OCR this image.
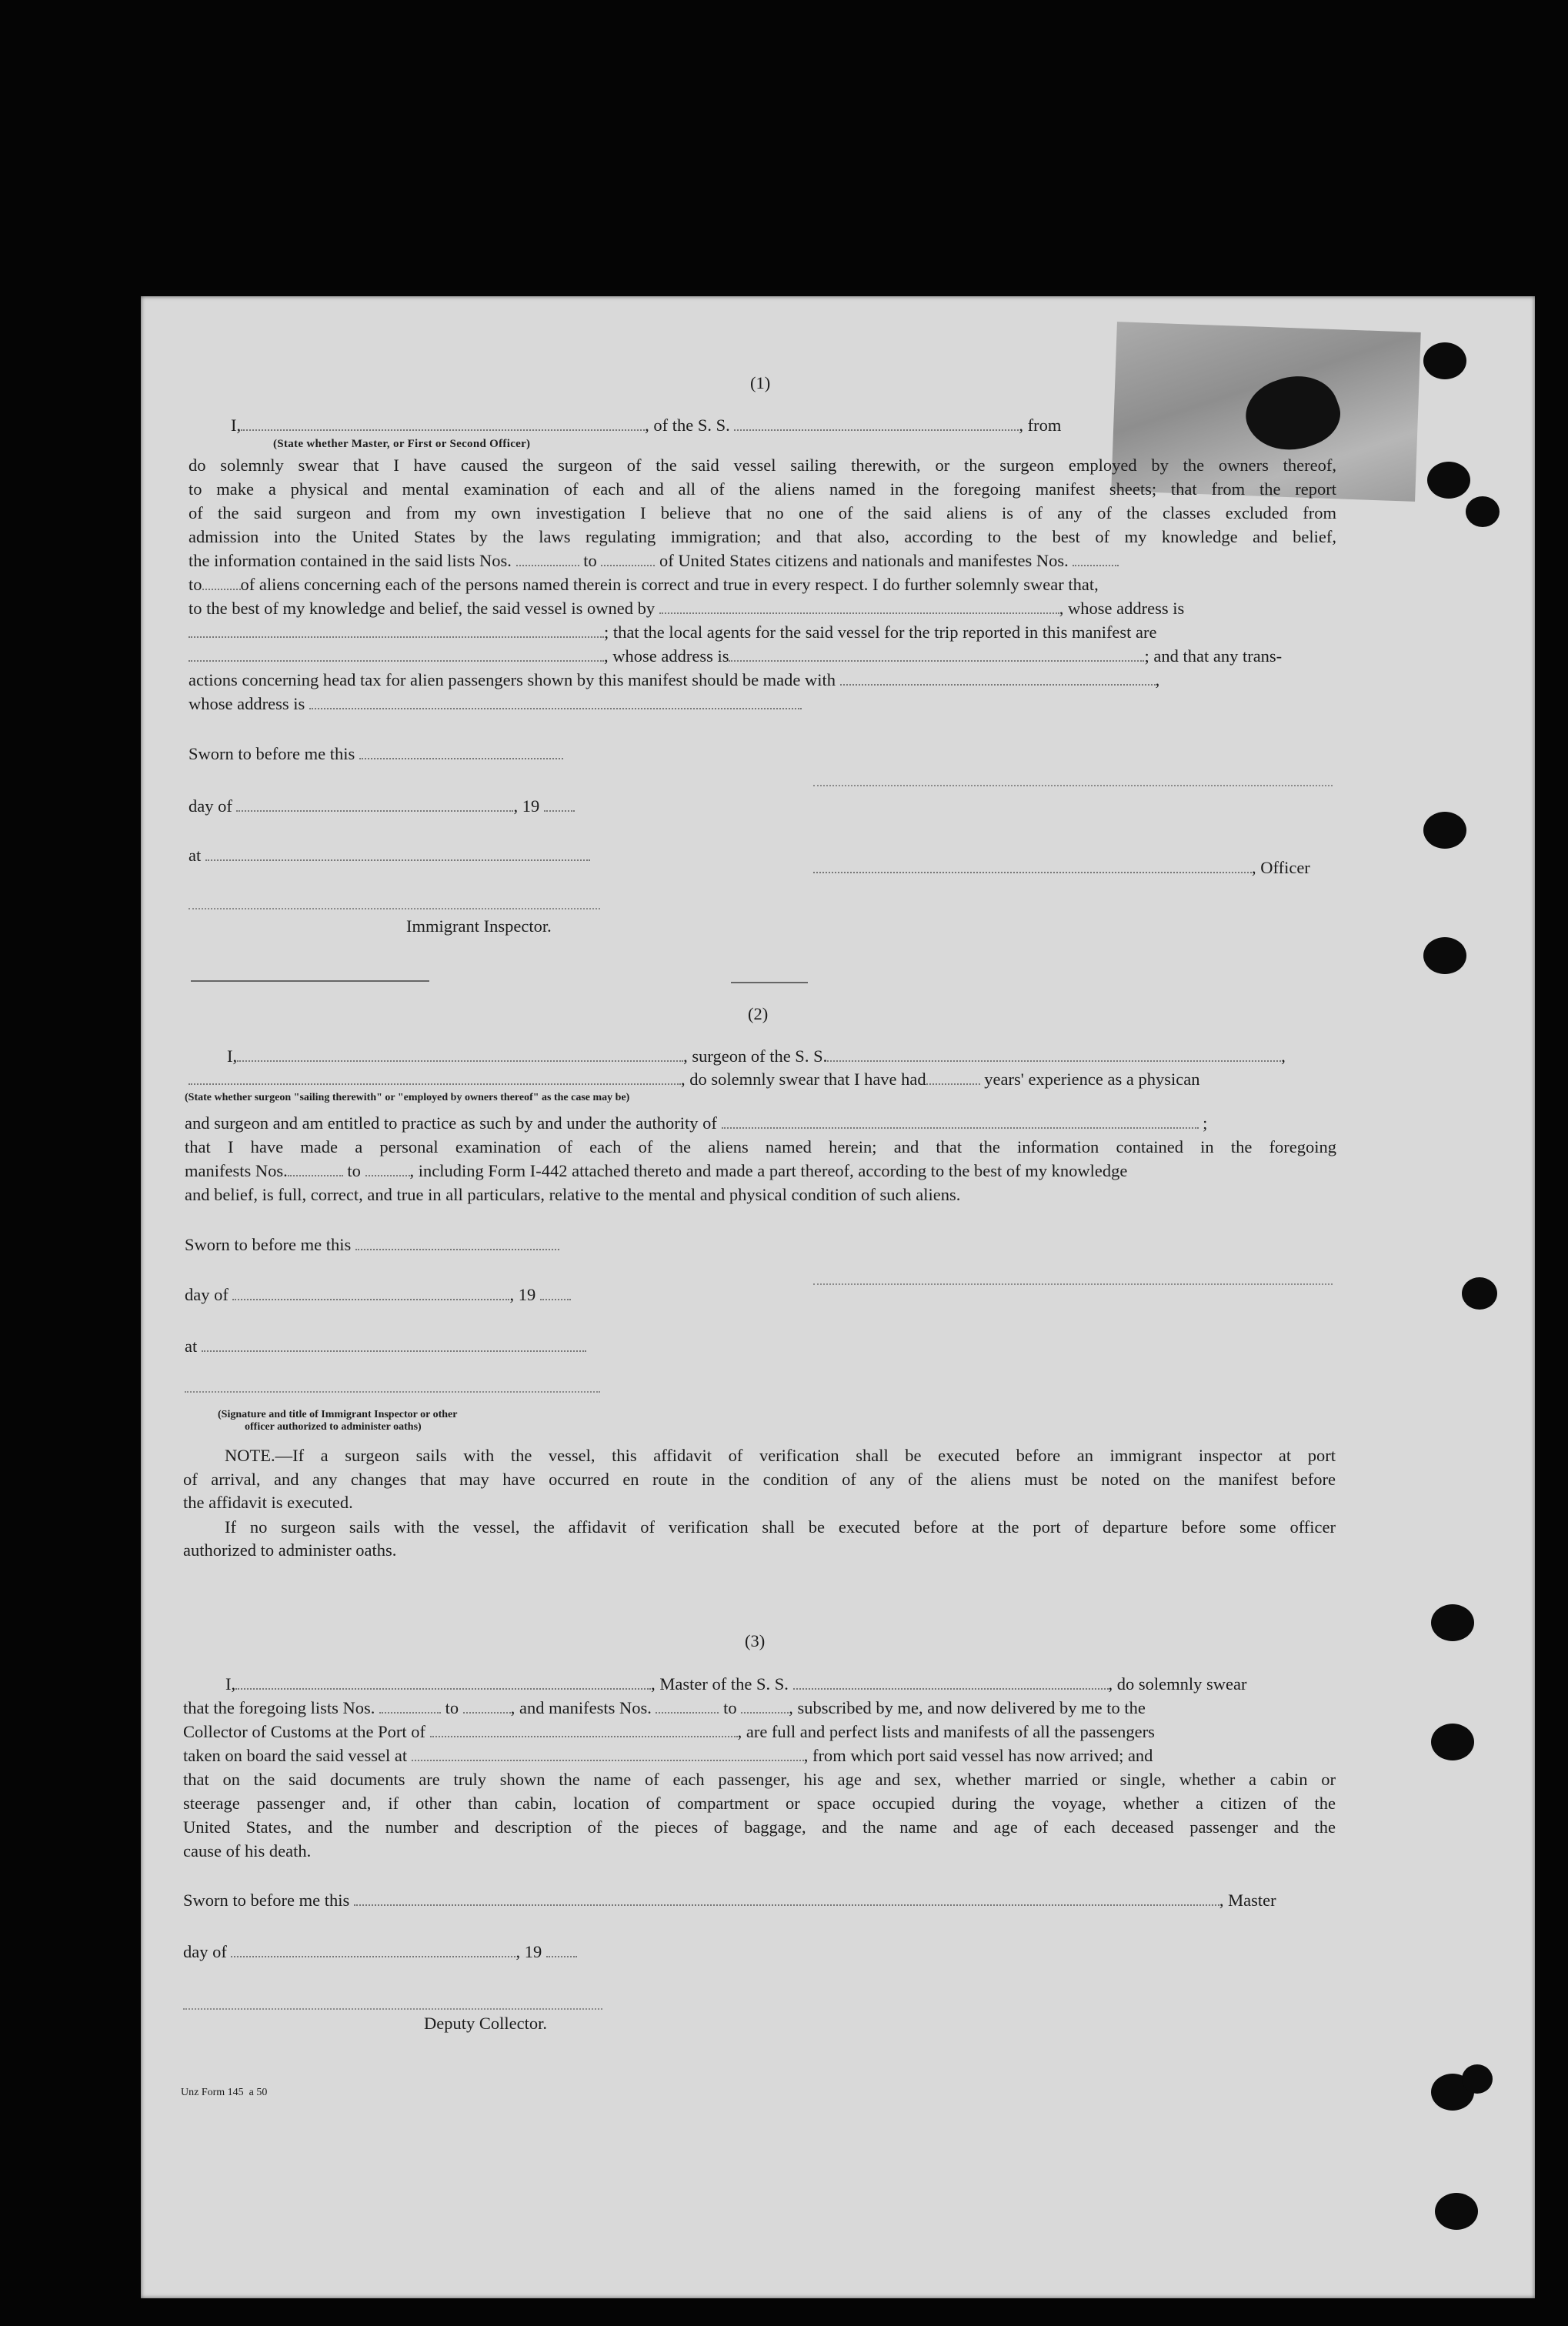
(1)
I,	, of the S. S.	, from
(State whether Master, or First or Second Officer)
do solemnly swear that I have caused the surgeon of the said vessel sailing therewith, or the surgeon employed by the owners thereof,
to make a physical and mental examination of each and all of the aliens named in the foregoing manifest sheets; that from the report
of the said surgeon and from my own investigation I believe that no one of the said aliens is of any of the classes excluded from
admission into the United States by the laws regulating immigration; and that also, according to the best of my knowledge and belief,
the information contained in the said lists Nos.	to	of United States citizens and nationals and manifestes Nos.
to of aliens concerning each of the persons named therein is correct and true in every respect. I do further solemnly swear that,
to the best of my knowledge and belief, the said vessel is owned by	, whose address is
; that the local agents for the said vessel for the trip reported in this manifest are
, whose address is	; and that any trans-
actions concerning head tax for alien passengers shown by this manifest should be made with	,
whose address is
Sworn to before me this
day of	, 19
at
, Officer
Immigrant Inspector.
(2)
I,	, surgeon of the S. S.	,
, do solemnly swear that I have had	years' experience as a physican
(State whether surgeon "sailing therewith" or "employed by owners thereof" as the case may be)
and surgeon and am entitled to practice as such by and under the authority of	;
that I have made a personal examination of each of the aliens named herein; and that the information contained in the foregoing
manifests Nos.	to	, including Form I-442 attached thereto and made a part thereof, according to the best of my knowledge
and belief, is full, correct, and true in all particulars, relative to the mental and physical condition of such aliens.
Sworn to before me this
day of	, 19
at
(Signature and title of Immigrant Inspector or other
officer authorized to administer oaths)
NOTE.—If a surgeon sails with the vessel, this affidavit of verification shall be executed before an immigrant inspector at port
of arrival, and any changes that may have occurred en route in the condition of any of the aliens must be noted on the manifest before
the affidavit is executed.
If no surgeon sails with the vessel, the affidavit of verification shall be executed before at the port of departure before some officer
authorized to administer oaths.
(3)
I,	, Master of the S. S.	, do solemnly swear
that the foregoing lists Nos.	to	, and manifests Nos.	to	, subscribed by me, and now delivered by me to the
Collector of Customs at the Port of	, are full and perfect lists and manifests of all the passengers
taken on board the said vessel at	, from which port said vessel has now arrived; and
that on the said documents are truly shown the name of each passenger, his age and sex, whether married or single, whether a cabin or
steerage passenger and, if other than cabin, location of compartment or space occupied during the voyage, whether a citizen of the
United States, and the number and description of the pieces of baggage, and the name and age of each deceased passenger and the
cause of his death.
Sworn to before me this	, Master
day of	, 19
Deputy Collector.
Unz Form 145 a 50
